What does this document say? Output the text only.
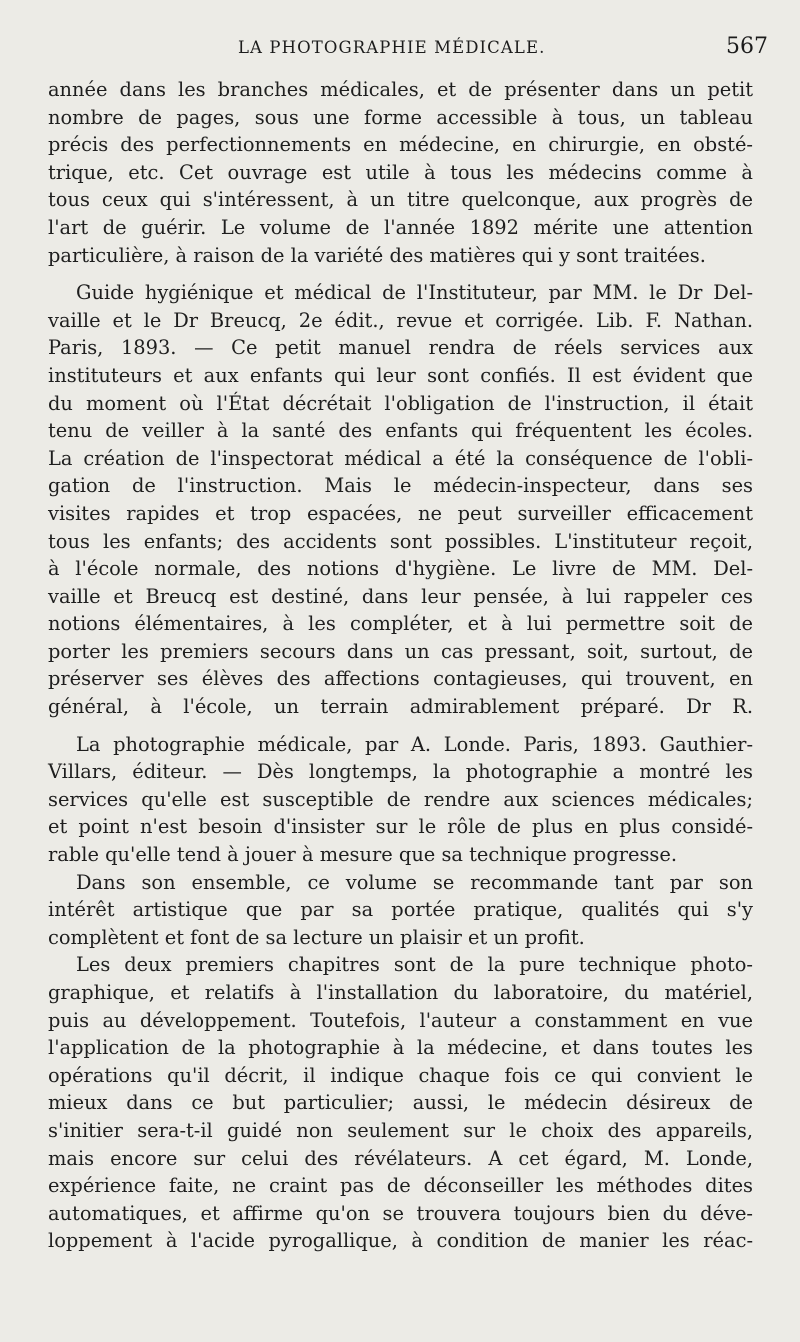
LA PHOTOGRAPHIE MÉDICALE.	567
année dans les branches médicales, et de présenter dans un petit
nombre de pages, sous une forme accessible à tous, un tableau
précis des perfectionnements en médecine, en chirurgie, en obsté-
trique, etc. Cet ouvrage est utile à tous les médecins comme à
tous ceux qui s'intéressent, à un titre quelconque, aux progrès de
l'art de guérir. Le volume de l'année 1892 mérite une attention
particulière, à raison de la variété des matières qui y sont traitées.
Guide hygiénique et médical de l'Instituteur, par MM. le Dr Del-
vaille et le Dr Breucq, 2e édit., revue et corrigée. Lib. F. Nathan.
Paris, 1893. — Ce petit manuel rendra de réels services aux
instituteurs et aux enfants qui leur sont confiés. Il est évident que
du moment où l'État décrétait l'obligation de l'instruction, il était
tenu de veiller à la santé des enfants qui fréquentent les écoles.
La création de l'inspectorat médical a été la conséquence de l'obli-
gation de l'instruction. Mais le médecin-inspecteur, dans ses
visites rapides et trop espacées, ne peut surveiller efficacement
tous les enfants; des accidents sont possibles. L'instituteur reçoit,
à l'école normale, des notions d'hygiène. Le livre de MM. Del-
vaille et Breucq est destiné, dans leur pensée, à lui rappeler ces
notions élémentaires, à les compléter, et à lui permettre soit de
porter les premiers secours dans un cas pressant, soit, surtout, de
préserver ses élèves des affections contagieuses, qui trouvent, en
général, à l'école, un terrain admirablement préparé. Dr R.
La photographie médicale, par A. Londe. Paris, 1893. Gauthier-
Villars, éditeur. — Dès longtemps, la photographie a montré les
services qu'elle est susceptible de rendre aux sciences médicales;
et point n'est besoin d'insister sur le rôle de plus en plus considé-
rable qu'elle tend à jouer à mesure que sa technique progresse.
Dans son ensemble, ce volume se recommande tant par son
intérêt artistique que par sa portée pratique, qualités qui s'y
complètent et font de sa lecture un plaisir et un profit.
Les deux premiers chapitres sont de la pure technique photo-
graphique, et relatifs à l'installation du laboratoire, du matériel,
puis au développement. Toutefois, l'auteur a constamment en vue
l'application de la photographie à la médecine, et dans toutes les
opérations qu'il décrit, il indique chaque fois ce qui convient le
mieux dans ce but particulier; aussi, le médecin désireux de
s'initier sera-t-il guidé non seulement sur le choix des appareils,
mais encore sur celui des révélateurs. A cet égard, M. Londe,
expérience faite, ne craint pas de déconseiller les méthodes dites
automatiques, et affirme qu'on se trouvera toujours bien du déve-
loppement à l'acide pyrogallique, à condition de manier les réac-
